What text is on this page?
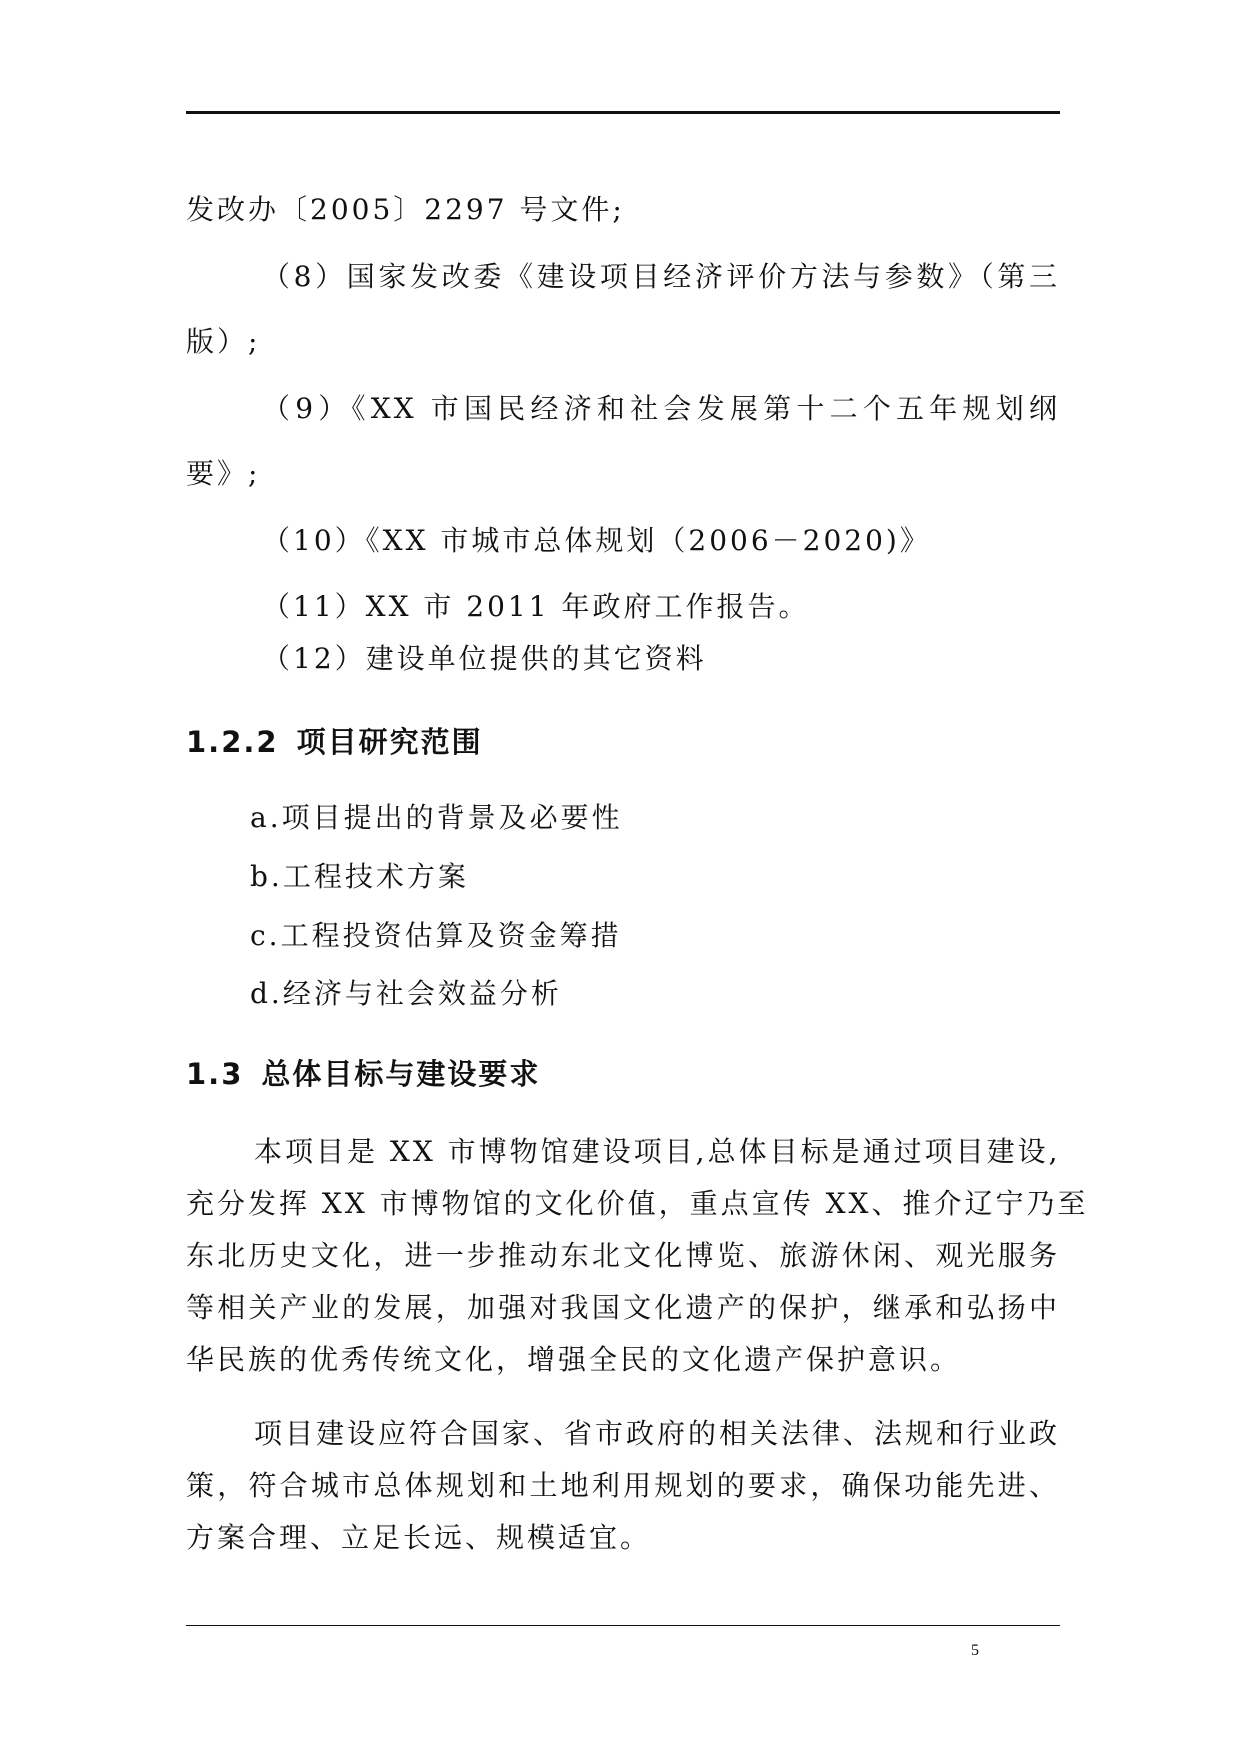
发改办〔2005〕2297 号文件;
（8）国家发改委《建设项目经济评价方法与参数》（第三
版）;
（9）《XX 市国民经济和社会发展第十二个五年规划纲
要》;
（10）《XX 市城市总体规划（2006－2020)》
（11）XX 市 2011 年政府工作报告。
（12）建设单位提供的其它资料
1.2.2 项目研究范围
a.项目提出的背景及必要性
b.工程技术方案
c.工程投资估算及资金筹措
d.经济与社会效益分析
1.3 总体目标与建设要求
本项目是 XX 市博物馆建设项目,总体目标是通过项目建设,
充分发挥 XX 市博物馆的文化价值，重点宣传 XX、推介辽宁乃至
东北历史文化，进一步推动东北文化博览、旅游休闲、观光服务
等相关产业的发展，加强对我国文化遗产的保护，继承和弘扬中
华民族的优秀传统文化，增强全民的文化遗产保护意识。
项目建设应符合国家、省市政府的相关法律、法规和行业政
策，符合城市总体规划和土地利用规划的要求，确保功能先进、
方案合理、立足长远、规模适宜。
5
